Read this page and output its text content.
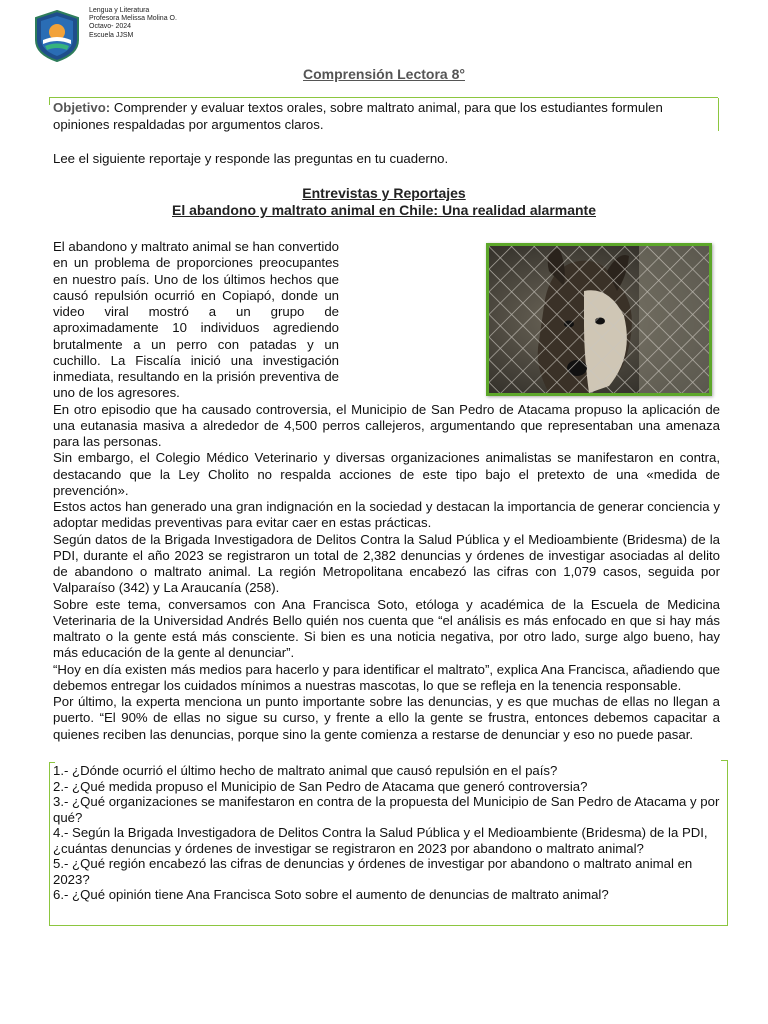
Lengua y Literatura
Profesora Melissa Molina O.
Octavo- 2024
Escuela JJSM
Comprensión Lectora 8°
Objetivo: Comprender y evaluar textos orales, sobre maltrato animal, para que los estudiantes formulen opiniones respaldadas por argumentos claros.
Lee el siguiente reportaje y responde las preguntas en tu cuaderno.
Entrevistas y Reportajes
El abandono y maltrato animal en Chile: Una realidad alarmante

El abandono y maltrato animal se han convertido en un problema de proporciones preocupantes en nuestro país. Uno de los últimos hechos que causó repulsión ocurrió en Copiapó, donde un video viral mostró a un grupo de aproximadamente 10 individuos agrediendo brutalmente a un perro con patadas y un cuchillo. La Fiscalía inició una investigación inmediata, resultando en la prisión preventiva de uno de los agresores.

En otro episodio que ha causado controversia, el Municipio de San Pedro de Atacama propuso la aplicación de una eutanasia masiva a alrededor de 4,500 perros callejeros, argumentando que representaban una amenaza para las personas.

Sin embargo, el Colegio Médico Veterinario y diversas organizaciones animalistas se manifestaron en contra, destacando que la Ley Cholito no respalda acciones de este tipo bajo el pretexto de una «medida de prevención».

Estos actos han generado una gran indignación en la sociedad y destacan la importancia de generar conciencia y adoptar medidas preventivas para evitar caer en estas prácticas.

Según datos de la Brigada Investigadora de Delitos Contra la Salud Pública y el Medioambiente (Bridesma) de la PDI, durante el año 2023 se registraron un total de 2,382 denuncias y órdenes de investigar asociadas al delito de abandono o maltrato animal. La región Metropolitana encabezó las cifras con 1,079 casos, seguida por Valparaíso (342) y La Araucanía (258).

Sobre este tema, conversamos con Ana Francisca Soto, etóloga y académica de la Escuela de Medicina Veterinaria de la Universidad Andrés Bello quién nos cuenta que “el análisis es más enfocado en que si hay más maltrato o la gente está más consciente. Si bien es una noticia negativa, por otro lado, surge algo bueno, hay más educación de la gente al denunciar”.

“Hoy en día existen más medios para hacerlo y para identificar el maltrato”, explica Ana Francisca, añadiendo que debemos entregar los cuidados mínimos a nuestras mascotas, lo que se refleja en la tenencia responsable.

Por último, la experta menciona un punto importante sobre las denuncias, y es que muchas de ellas no llegan a puerto. “El 90% de ellas no sigue su curso, y frente a ello la gente se frustra, entonces debemos capacitar a quienes reciben las denuncias, porque sino la gente comienza a restarse de denunciar y eso no puede pasar.

1.- ¿Dónde ocurrió el último hecho de maltrato animal que causó repulsión en el país?
2.- ¿Qué medida propuso el Municipio de San Pedro de Atacama que generó controversia?
3.- ¿Qué organizaciones se manifestaron en contra de la propuesta del Municipio de San Pedro de Atacama y por qué?
4.- Según la Brigada Investigadora de Delitos Contra la Salud Pública y el Medioambiente (Bridesma) de la PDI, ¿cuántas denuncias y órdenes de investigar se registraron en 2023 por abandono o maltrato animal?
5.- ¿Qué región encabezó las cifras de denuncias y órdenes de investigar por abandono o maltrato animal en 2023?
6.- ¿Qué opinión tiene Ana Francisca Soto sobre el aumento de denuncias de maltrato animal?
